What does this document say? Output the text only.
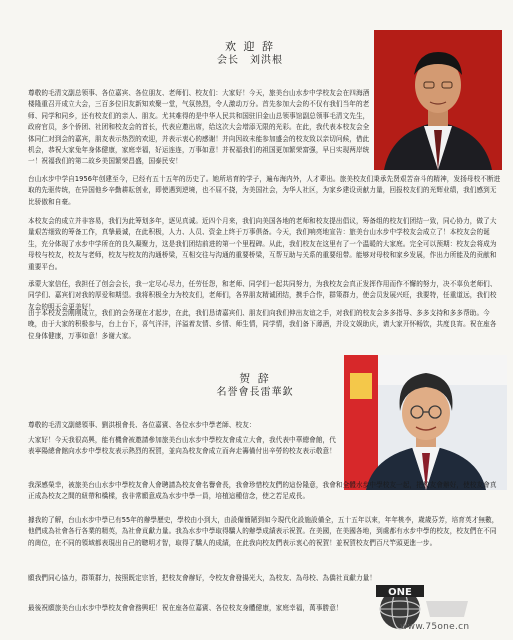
欢 迎 辞
会长　刘洪根
尊敬的毛清文副总领事、各位嘉宾、各位朋友、老师们、校友们：大家好！今天，旅美台山水步中学校友会在四海酒楼隆重召开成立大会，三百多位旧友新知欢聚一堂，气氛热烈，令人激动万分。首先参加大会的不仅有我们当年的老师、同学和同乡，还有校友们的亲人、朋友。尤其难得的是中华人民共和国驻旧金山总领事馆副总领事毛清文先生，政府官员，多个侨团、社团和校友会的首长，代表应邀出席，给这次大会增添无限的光彩。在此，我代表本校友会全体同仁对到会的嘉宾，朋友表示热烈的欢迎，并表示衷心的感谢！并向因故未能参加盛会的校友致以亲切问候，借此机会，恭祝大家兔年身体健康，家庭幸福，好运连连，万事如意！并祝福我们的祖国更加繁荣富强，早日实现两岸统一！祝福我们的第二故乡美国繁荣昌盛，国泰民安！
台山水步中学自1956年创建至今，已经有五十五年的历史了。她所培育的学子，遍布海内外，人才辈出。旅美校友们秉承先贤艰苦奋斗的精神，发扬母校不断进取的先驱传统，在异国他乡辛勤耕耘创业，即使遇到逆境，也不屈不挠，为美国社会，为华人社区，为家乡建设贡献力量，回报校友们的光辉业绩，我们感到无比骄傲和自豪。
本校友会的成立并非容易，我们为此筹划多年，逐见真诚。近四个月来，我们向美国各地的老师和校友提出倡议，筹备组的校友们团结一致，同心协力，做了大量艰苦细致的筹备工作，真挚最诚，在此积极，人力、人员、资金上终于万事俱备。今天，我们响亮地宣告：旅美台山水步中学校友会成立了！本校友会的诞生，充分体现了水步中学所在的良久凝聚力，这是我们团结前进的第一个里程碑。从此，我们校友在这里有了一个温暖的大家庭。完全可以预期：校友会将成为母校与校友，校友与老师，校友与校友的沟通桥梁，互相交往与沟通的重要桥梁，互帮互助与关系的重要纽带。能够对母校和家乡发展，作出力所能及的贡献和重要平台。
承蒙大家信任，我担任了创会会长，我一定尽心尽力，任劳任怨，和老师、同学们一起共同努力，为我校友会真正发挥作用而作不懈的努力，决不辜负老师们、同学们、嘉宾们对我的厚爱和期望。我将积极全力为校友们，老师们，各界朋友精诚团结，携手合作，群策群力，使会员发展兴旺，我要特，任重道远，我们校友会的明天会更美好！
由于本校友会刚刚成立，我们的会务现在才起步，在此，我们恳请嘉宾们、朋友们向我们伸出友谊之手，对我们的校友会多多指导、多多支持和多多帮助。今晚，由于大家的积极参与，台上台下，喜气洋洋，洋溢着友情、乡情、师生情，同学情，我们备下薄酒，并设文娱助庆，请大家开怀畅饮，共度良宵。祝在座各位身体健康，万事如意！多谢大家。
贺 辞
名誉會長雷華欽
尊敬的毛清文副總領事、劉洪根會長、各位嘉賓、各位水步中學老師、校友：
大家好！今天我很高興，能有機會被邀請參加旅美台山水步中學校友會成立大會，我代表中華總會館，代表寧陽總會館向水步中學校友表示熱烈的祝賀，並向為校友會成立而奔走籌備付出辛勞的校友表示敬意！
我深感榮幸，被旅美台山水步中學校友會人會聘請為校友會名譽會長，我會珍惜校友們的這份隆意，我會和全體水步中學校友一起，把校友會辦好，使校友會真正成為校友之間的紐帶和橋樑，我非常願意成為水步中學一員，培植這種信念，使之若足成長。
據我的了解，台山水步中學已有55年的辦學歷史，學校由小到大，由設備簡陋到如今現代化設施設備全，五十五年以來，年年桃李，歲歲芬芳，培育英才無數，他們成為社會各行各業的精英，為社會貢獻力量。我為水步中學取得驕人的辦學成績表示祝賀。在美國，在美國各地，到處都有水步中學的校友，校友們在不同的崗位，在不同的領域都表現出自己的聰明才智，取得了驕人的成績，在此我向校友們表示衷心的祝賀！並祝賀校友們百尺竿頭更進一步。
願我們同心協力，群策群力，按照既定宗旨，把校友會辦好，令校友會發揚光大，為校友、為母校、為僑社貢獻力量！
最後祝願旅美台山水步中學校友會會務興旺！祝在座各位嘉賓、各位校友身體健康，家庭幸福，萬事勝意！
ONE
www.75one.cn
